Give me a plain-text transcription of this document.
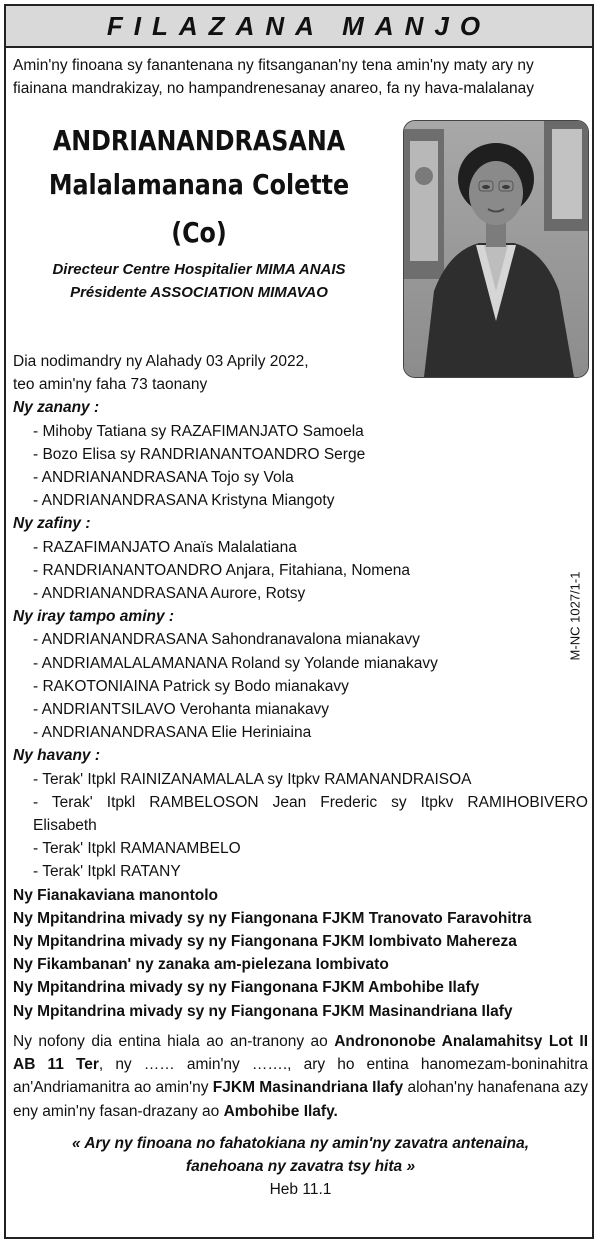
FILAZANA MANJO
Amin'ny finoana sy fanantenana ny fitsanganan'ny tena amin'ny maty ary ny fiainana mandrakizay, no hampandrenesanay anareo, fa ny hava-malalanay
ANDRIANANDRASANA
Malalamanana Colette
(Co)
Directeur Centre Hospitalier MIMA ANAIS
Présidente ASSOCIATION MIMAVAO

Dia nodimandry ny Alahady 03 Aprily 2022,

teo amin'ny faha 73 taonany

Ny zanany :

- Mihoby Tatiana sy RAZAFIMANJATO Samoela

- Bozo Elisa sy RANDRIANANTOANDRO Serge

- ANDRIANANDRASANA Tojo sy Vola

- ANDRIANANDRASANA Kristyna Miangoty

Ny zafiny :

- RAZAFIMANJATO Anaïs Malalatiana

- RANDRIANANTOANDRO Anjara, Fitahiana, Nomena

- ANDRIANANDRASANA Aurore, Rotsy

Ny iray tampo aminy :

- ANDRIANANDRASANA Sahondranavalona mianakavy

- ANDRIAMALALAMANANA Roland sy Yolande mianakavy

- RAKOTONIAINA Patrick sy Bodo mianakavy

- ANDRIANTSILAVO Verohanta mianakavy

- ANDRIANANDRASANA Elie Heriniaina

Ny havany :

- Terak' Itpkl RAINIZANAMALALA sy Itpkv RAMANANDRAISOA

- Terak' Itpkl RAMBELOSON Jean Frederic sy Itpkv RAMIHOBIVERO

Elisabeth

- Terak' Itpkl RAMANAMBELO

- Terak' Itpkl RATANY

Ny Fianakaviana manontolo

Ny Mpitandrina mivady sy ny Fiangonana FJKM Tranovato Faravohitra

Ny Mpitandrina mivady sy ny Fiangonana FJKM Iombivato Mahereza

Ny Fikambanan' ny zanaka am-pielezana Iombivato

Ny Mpitandrina mivady sy ny Fiangonana FJKM Ambohibe Ilafy

Ny Mpitandrina mivady sy ny Fiangonana FJKM Masinandriana Ilafy

Ny nofony dia entina hiala ao an-tranony ao Andrononobe Analamahitsy Lot II AB 11 Ter, ny …… amin'ny ……., ary ho entina hanomezam-boninahitra an'Andriamanitra ao amin'ny FJKM Masinandriana Ilafy alohan'ny hanafenana azy eny amin'ny fasan-drazany ao Ambohibe Ilafy.

« Ary ny finoana no fahatokiana ny amin'ny zavatra antenaina,

fanehoana ny zavatra tsy hita »

Heb 11.1

M-NC 1027/1-1
